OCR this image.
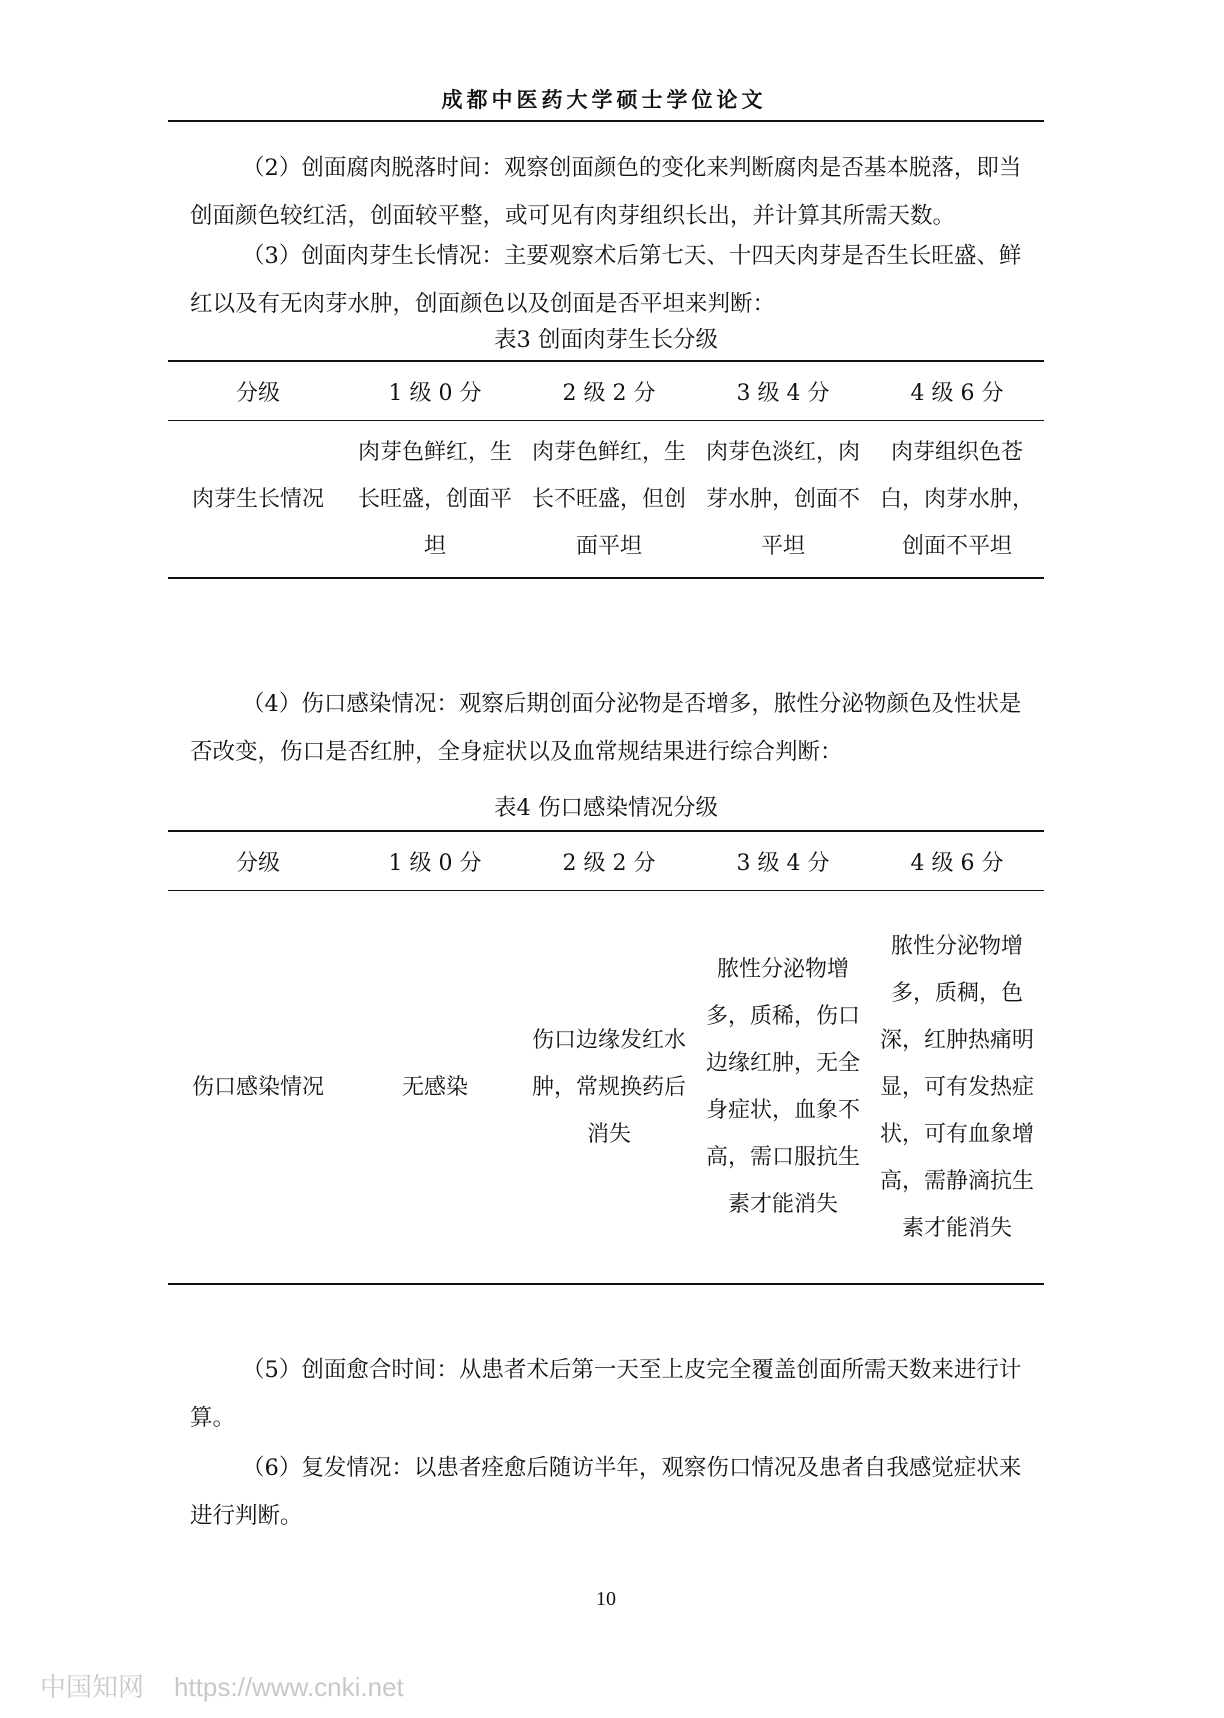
成都中医药大学硕士学位论文

（2）创面腐肉脱落时间：观察创面颜色的变化来判断腐肉是否基本脱落，即当创面颜色较红活，创面较平整，或可见有肉芽组织长出，并计算其所需天数。

（3）创面肉芽生长情况：主要观察术后第七天、十四天肉芽是否生长旺盛、鲜红以及有无肉芽水肿，创面颜色以及创面是否平坦来判断：

表3 创面肉芽生长分级
分级	1 级 0 分	2 级 2 分	3 级 4 分	4 级 6 分
肉芽生长情况	肉芽色鲜红，生长旺盛，创面平坦	肉芽色鲜红，生长不旺盛，但创面平坦	肉芽色淡红，肉芽水肿，创面不平坦	肉芽组织色苍白，肉芽水肿，创面不平坦

（4）伤口感染情况：观察后期创面分泌物是否增多，脓性分泌物颜色及性状是否改变，伤口是否红肿，全身症状以及血常规结果进行综合判断：

表4 伤口感染情况分级
分级	1 级 0 分	2 级 2 分	3 级 4 分	4 级 6 分
伤口感染情况	无感染	伤口边缘发红水肿，常规换药后消失	脓性分泌物增多，质稀，伤口边缘红肿，无全身症状，血象不高，需口服抗生素才能消失	脓性分泌物增多，质稠，色深，红肿热痛明显，可有发热症状，可有血象增高，需静滴抗生素才能消失

（5）创面愈合时间：从患者术后第一天至上皮完全覆盖创面所需天数来进行计算。

（6）复发情况：以患者痊愈后随访半年，观察伤口情况及患者自我感觉症状来进行判断。

10
中国知网 https://www.cnki.net
